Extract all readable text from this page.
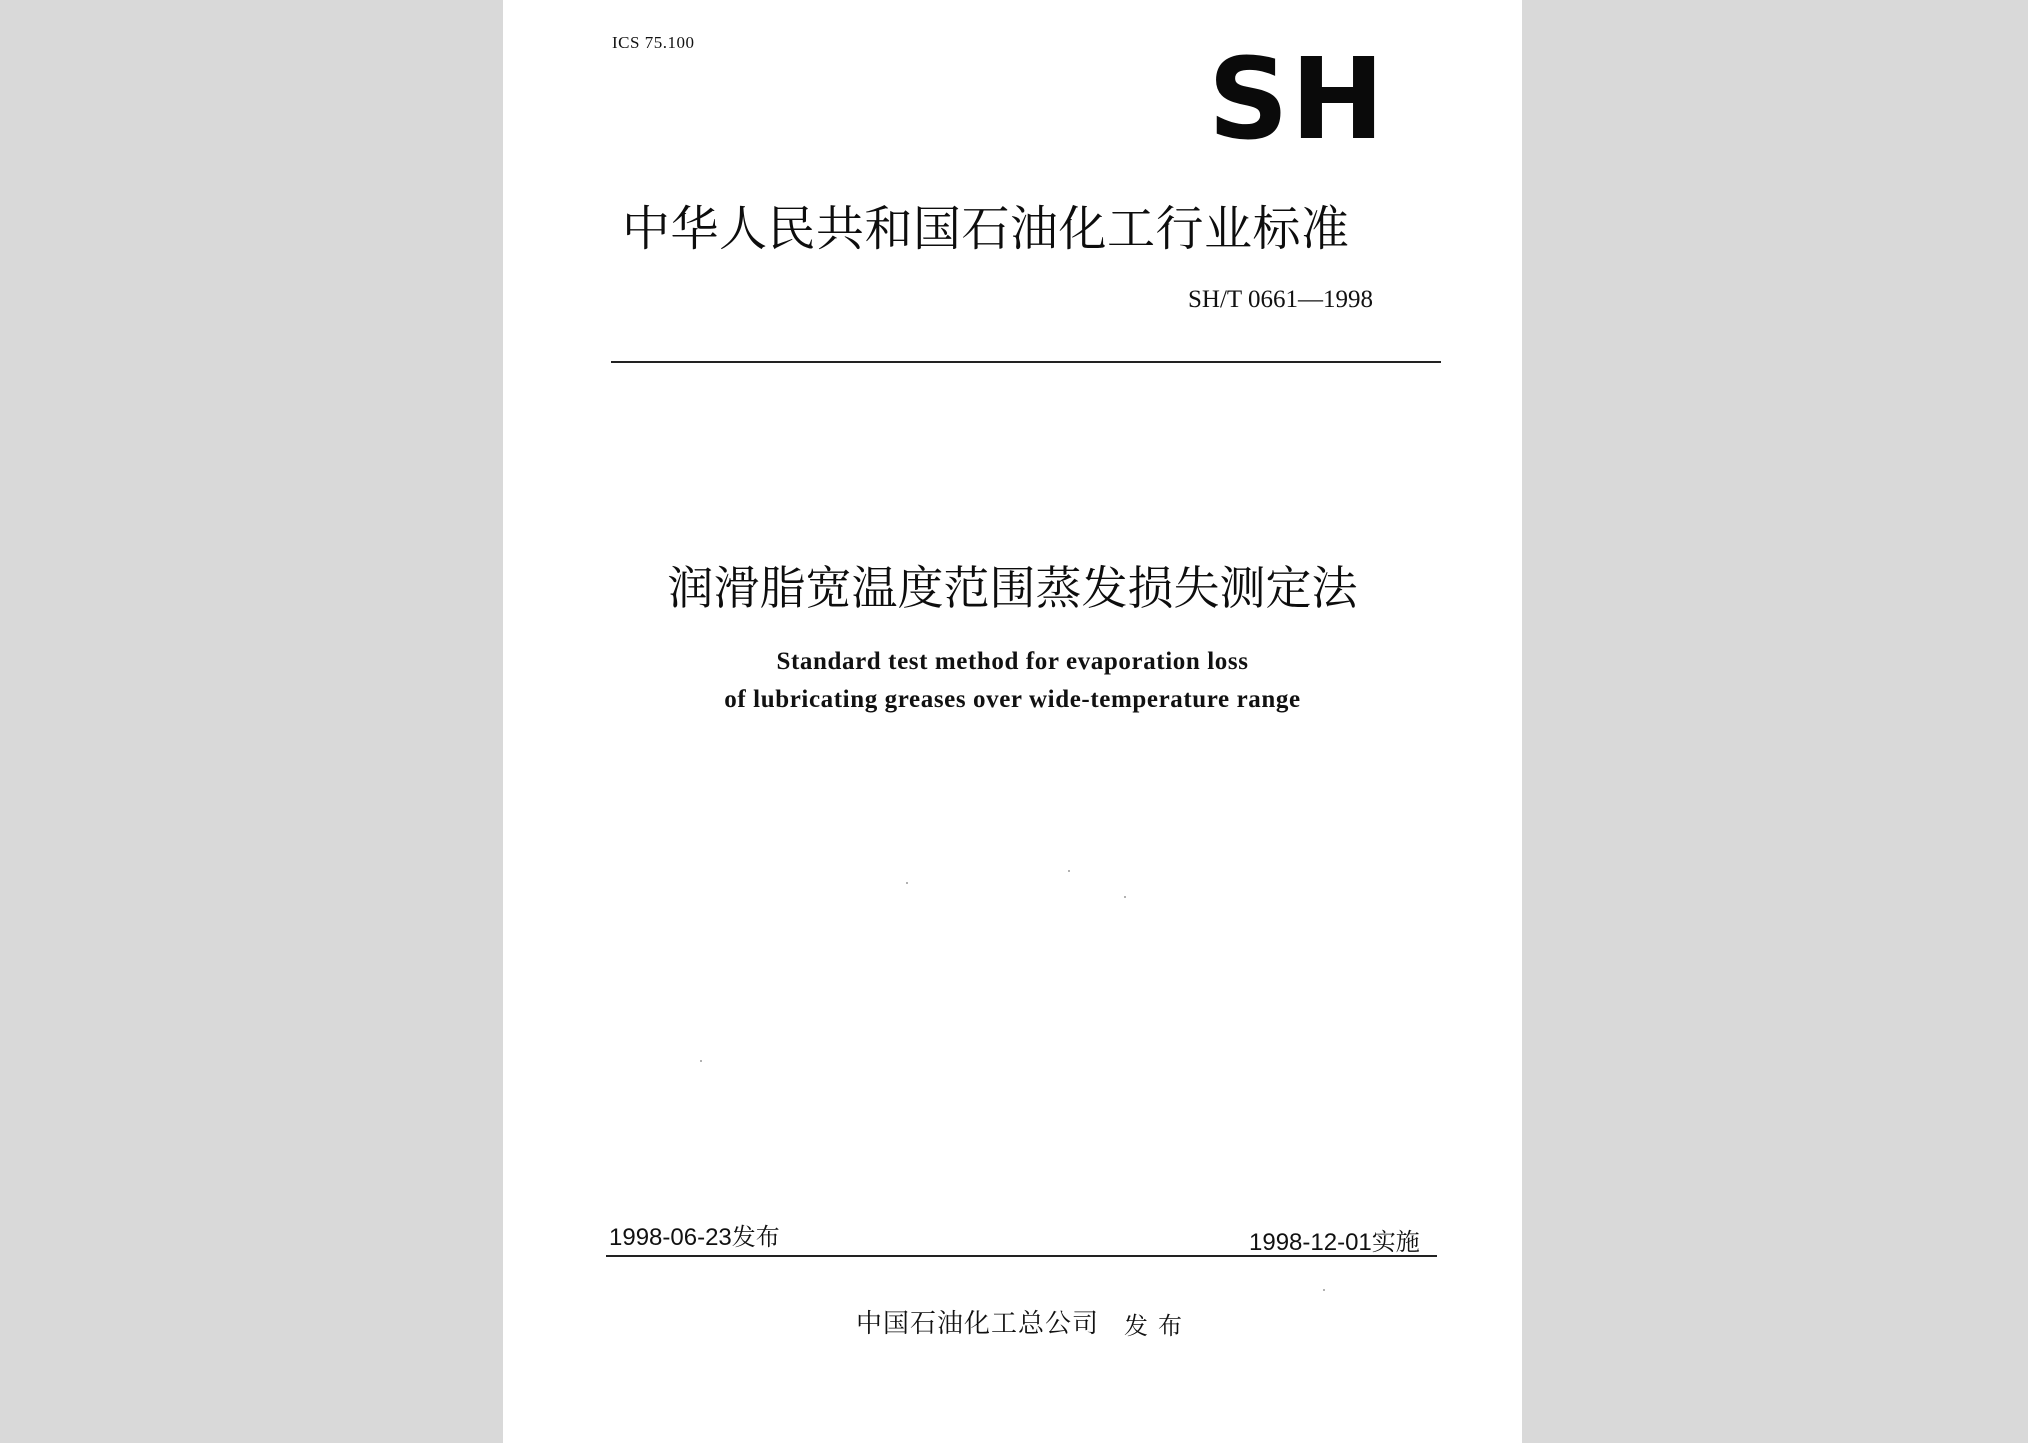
ICS 75.100	SH
中华人民共和国石油化工行业标准
SH/T 0661—1998
润滑脂宽温度范围蒸发损失测定法
Standard test method for evaporation loss
of lubricating greases over wide-temperature range
1998-06-23发布	1998-12-01实施
中国石油化工总公司 发布
